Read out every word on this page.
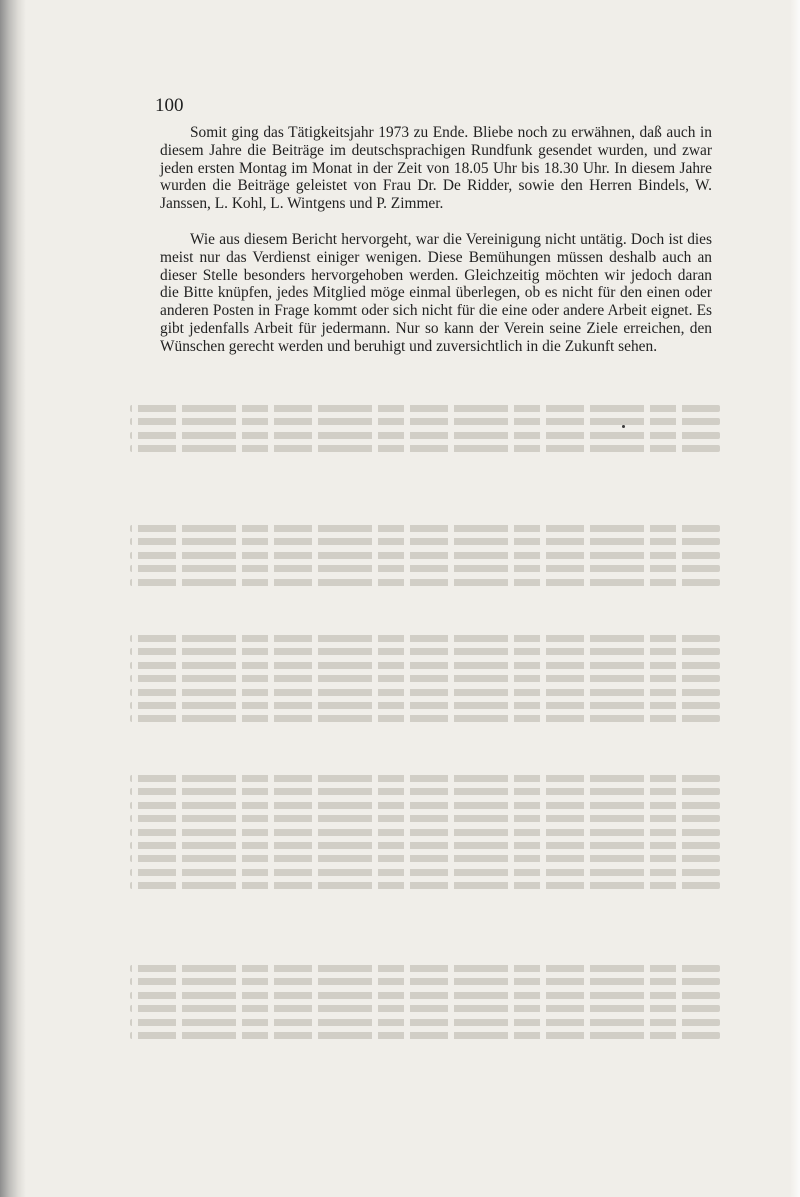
100

Somit ging das Tätigkeitsjahr 1973 zu Ende. Bliebe noch zu erwähnen, daß auch in diesem Jahre die Beiträge im deutschsprachigen Rundfunk gesendet wurden, und zwar jeden ersten Montag im Monat in der Zeit von 18.05 Uhr bis 18.30 Uhr. In diesem Jahre wurden die Beiträge geleistet von Frau Dr. De Ridder, sowie den Herren Bindels, W. Janssen, L. Kohl, L. Wintgens und P. Zimmer.

Wie aus diesem Bericht hervorgeht, war die Vereinigung nicht untätig. Doch ist dies meist nur das Verdienst einiger wenigen. Diese Bemühungen müssen deshalb auch an dieser Stelle besonders hervorgehoben werden. Gleichzeitig möchten wir jedoch daran die Bitte knüpfen, jedes Mitglied möge einmal überlegen, ob es nicht für den einen oder anderen Posten in Frage kommt oder sich nicht für die eine oder andere Arbeit eignet. Es gibt jedenfalls Arbeit für jedermann. Nur so kann der Verein seine Ziele erreichen, den Wünschen gerecht werden und beruhigt und zuversichtlich in die Zukunft sehen.
